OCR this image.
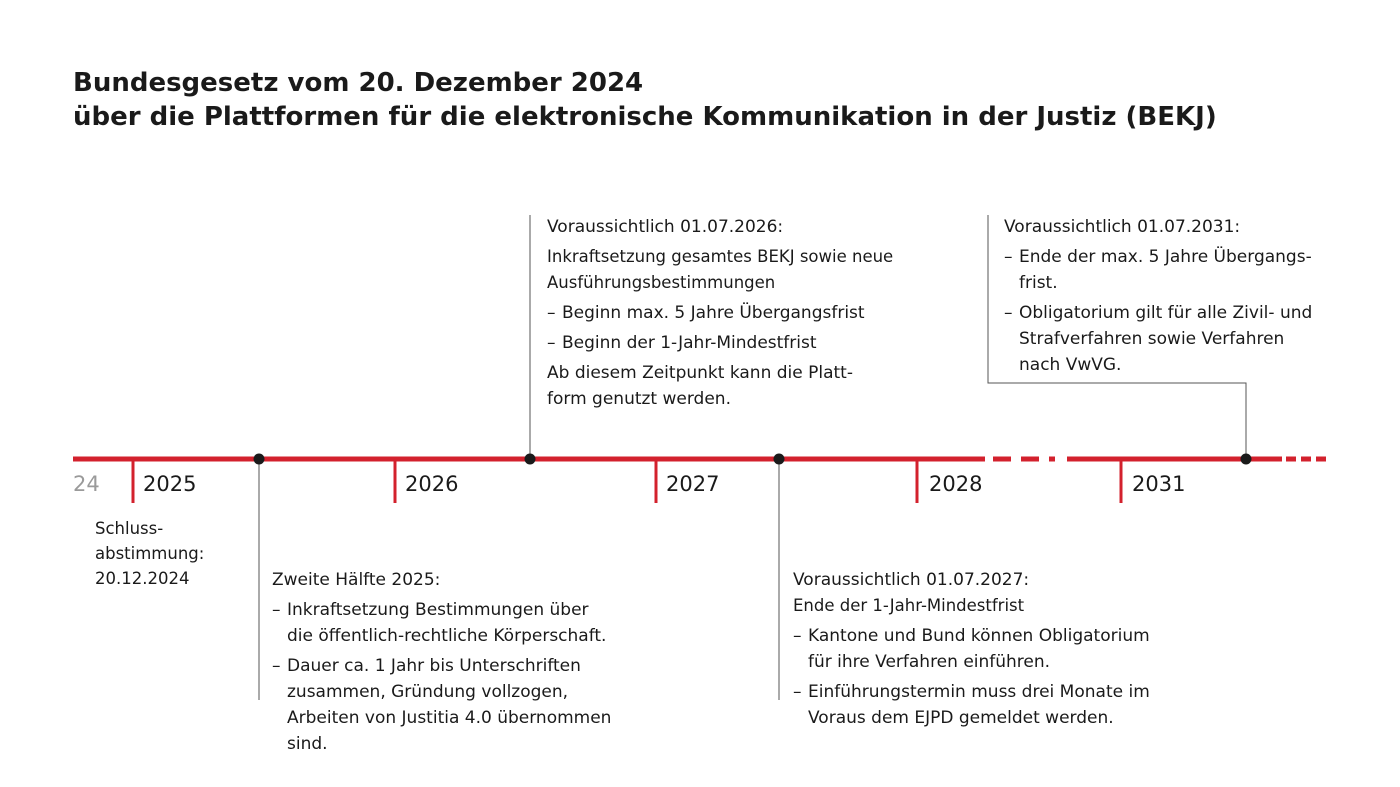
Bundesgesetz vom 20. Dezember 2024
über die Plattformen für die elektronische Kommunikation in der Justiz (BEKJ)
24 2025	2026	2027	2028	2031
Schluss-
abstimmung:
20.12.2024	Zweite Hälfte 2025:
– Inkraftsetzung Bestimmungen über
die öffentlich-rechtliche Körperschaft.
– Dauer ca. 1 Jahr bis Unterschriften
zusammen, Gründung vollzogen,
Arbeiten von Justitia 4.0 übernommen
sind.
Voraussichtlich 01.07.2026:
Inkraftsetzung gesamtes BEKJ sowie neue
Ausführungsbestimmungen
– Beginn max. 5 Jahre Übergangsfrist
– Beginn der 1-Jahr-Mindestfrist
Ab diesem Zeitpunkt kann die Platt-
form genutzt werden.
Voraussichtlich 01.07.2027:
Ende der 1-Jahr-Mindestfrist
– Kantone und Bund können Obligatorium
für ihre Verfahren einführen.
– Einführungstermin muss drei Monate im
Voraus dem EJPD gemeldet werden.
Voraussichtlich 01.07.2031:
– Ende der max. 5 Jahre Übergangs-
frist.
– Obligatorium gilt für alle Zivil- und
Strafverfahren sowie Verfahren
nach VwVG.
